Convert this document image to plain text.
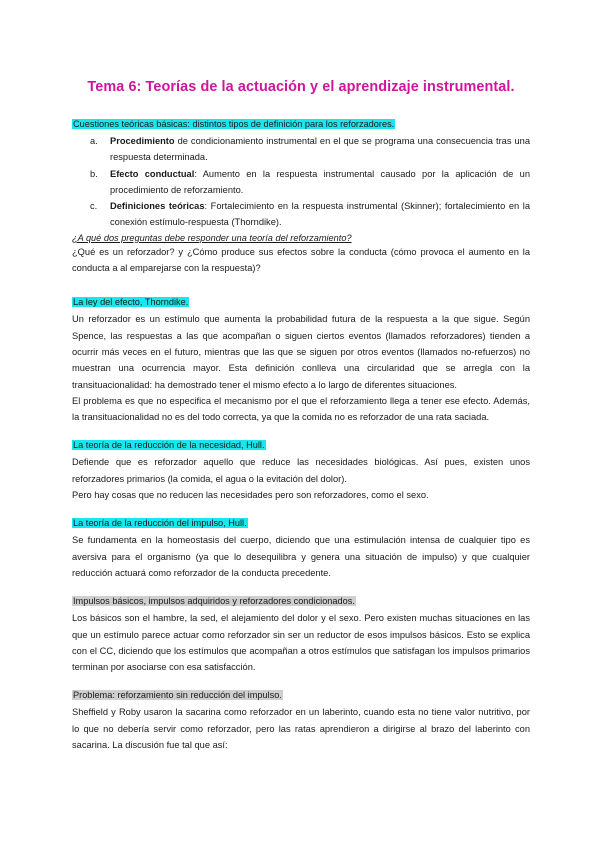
Tema 6: Teorías de la actuación y el aprendizaje instrumental.
Cuestiones teóricas básicas: distintos tipos de definición para los reforzadores.
a. Procedimiento de condicionamiento instrumental en el que se programa una consecuencia tras una respuesta determinada.
b. Efecto conductual: Aumento en la respuesta instrumental causado por la aplicación de un procedimiento de reforzamiento.
c. Definiciones teóricas: Fortalecimiento en la respuesta instrumental (Skinner); fortalecimiento en la conexión estímulo-respuesta (Thorndike).

¿A qué dos preguntas debe responder una teoría del reforzamiento?

¿Qué es un reforzador? y ¿Cómo produce sus efectos sobre la conducta (cómo provoca el aumento en la conducta a al emparejarse con la respuesta)?

La ley del efecto, Thorndike.

Un reforzador es un estímulo que aumenta la probabilidad futura de la respuesta a la que sigue. Según Spence, las respuestas a las que acompañan o siguen ciertos eventos (llamados reforzadores) tienden a ocurrir más veces en el futuro, mientras que las que se siguen por otros eventos (llamados no-refuerzos) no muestran una ocurrencia mayor. Esta definición conlleva una circularidad que se arregla con la transituacionalidad: ha demostrado tener el mismo efecto a lo largo de diferentes situaciones.

El problema es que no especifica el mecanismo por el que el reforzamiento llega a tener ese efecto. Además, la transituacionalidad no es del todo correcta, ya que la comida no es reforzador de una rata saciada.

La teoría de la reducción de la necesidad, Hull.

Defiende que es reforzador aquello que reduce las necesidades biológicas. Así pues, existen unos reforzadores primarios (la comida, el agua o la evitación del dolor).

Pero hay cosas que no reducen las necesidades pero son reforzadores, como el sexo.

La teoría de la reducción del impulso, Hull.

Se fundamenta en la homeostasis del cuerpo, diciendo que una estimulación intensa de cualquier tipo es aversiva para el organismo (ya que lo desequilibra y genera una situación de impulso) y que cualquier reducción actuará como reforzador de la conducta precedente.

Impulsos básicos, impulsos adquiridos y reforzadores condicionados.

Los básicos son el hambre, la sed, el alejamiento del dolor y el sexo. Pero existen muchas situaciones en las que un estímulo parece actuar como reforzador sin ser un reductor de esos impulsos básicos. Esto se explica con el CC, diciendo que los estímulos que acompañan a otros estímulos que satisfagan los impulsos primarios terminan por asociarse con esa satisfacción.

Problema: reforzamiento sin reducción del impulso.

Sheffield y Roby usaron la sacarina como reforzador en un laberinto, cuando esta no tiene valor nutritivo, por lo que no debería servir como reforzador, pero las ratas aprendieron a dirigirse al brazo del laberinto con sacarina. La discusión fue tal que así:
